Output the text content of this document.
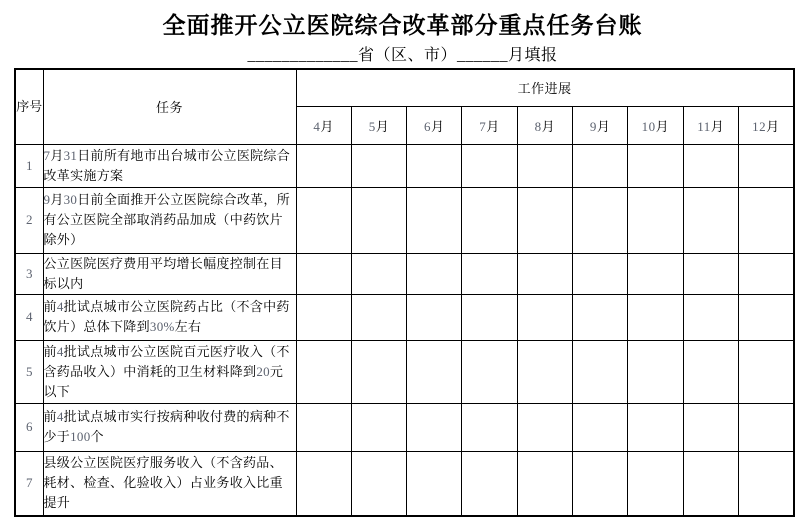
全面推开公立医院综合改革部分重点任务台账
_____________省（区、市）______月填报
序号	任务	工作进展								
		4月	5月	6月	7月	8月	9月	10月	11月	12月
1	7月31日前所有地市出台城市公立医院综合改革实施方案									
2	9月30日前全面推开公立医院综合改革，所有公立医院全部取消药品加成（中药饮片除外）									
3	公立医院医疗费用平均增长幅度控制在目标以内									
4	前4批试点城市公立医院药占比（不含中药饮片）总体下降到30%左右									
5	前4批试点城市公立医院百元医疗收入（不含药品收入）中消耗的卫生材料降到20元以下									
6	前4批试点城市实行按病种收付费的病种不少于100个									
7	县级公立医院医疗服务收入（不含药品、耗材、检查、化验收入）占业务收入比重提升									
